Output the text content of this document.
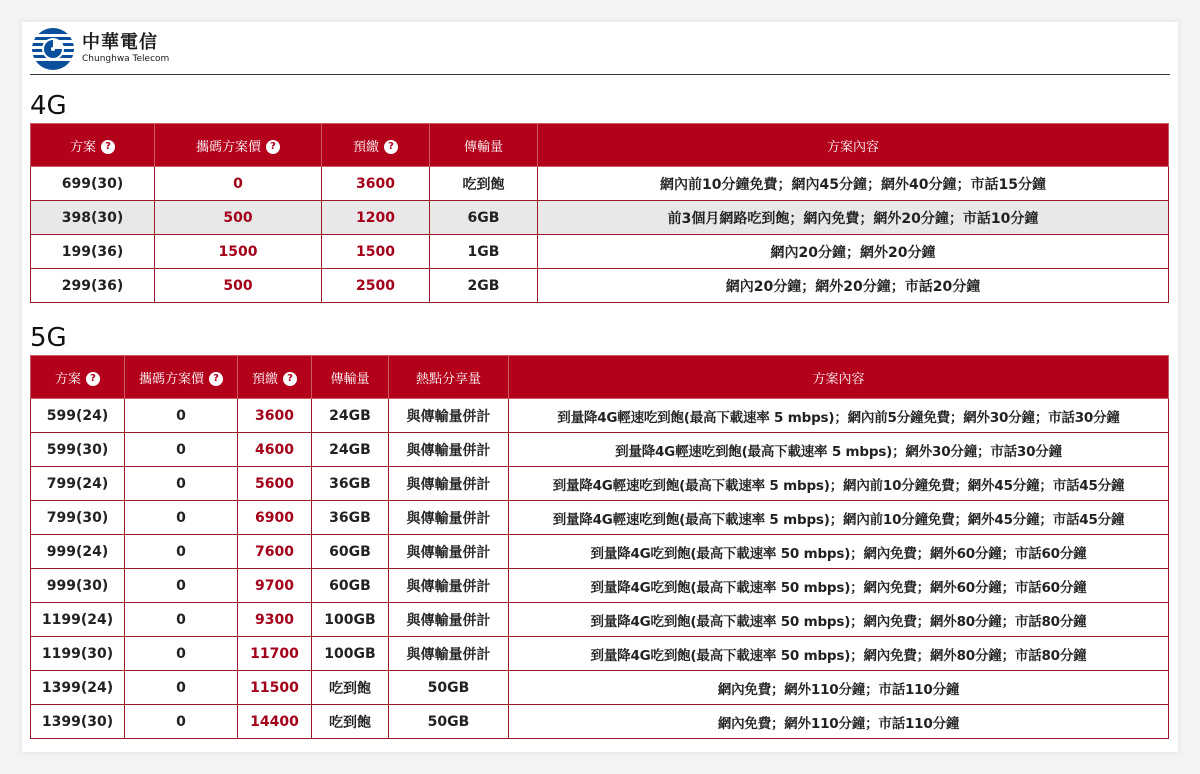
中華電信
Chunghwa Telecom
4G
方案 ?	攜碼方案價 ?	預繳 ?	傳輸量	方案內容
699(30)	0	3600	吃到飽	網內前10分鐘免費；網內45分鐘；網外40分鐘；市話15分鐘
398(30)	500	1200	6GB	前3個月網路吃到飽；網內免費；網外20分鐘；市話10分鐘
199(36)	1500	1500	1GB	網內20分鐘；網外20分鐘
299(36)	500	2500	2GB	網內20分鐘；網外20分鐘；市話20分鐘
5G
方案 ?	攜碼方案價 ?	預繳 ?	傳輸量	熱點分享量	方案內容
599(24)	0	3600	24GB	與傳輸量併計	到量降4G輕速吃到飽(最高下載速率 5 mbps)；網內前5分鐘免費；網外30分鐘；市話30分鐘
599(30)	0	4600	24GB	與傳輸量併計	到量降4G輕速吃到飽(最高下載速率 5 mbps)；網外30分鐘；市話30分鐘
799(24)	0	5600	36GB	與傳輸量併計	到量降4G輕速吃到飽(最高下載速率 5 mbps)；網內前10分鐘免費；網外45分鐘；市話45分鐘
799(30)	0	6900	36GB	與傳輸量併計	到量降4G輕速吃到飽(最高下載速率 5 mbps)；網內前10分鐘免費；網外45分鐘；市話45分鐘
999(24)	0	7600	60GB	與傳輸量併計	到量降4G吃到飽(最高下載速率 50 mbps)；網內免費；網外60分鐘；市話60分鐘
999(30)	0	9700	60GB	與傳輸量併計	到量降4G吃到飽(最高下載速率 50 mbps)；網內免費；網外60分鐘；市話60分鐘
1199(24)	0	9300	100GB	與傳輸量併計	到量降4G吃到飽(最高下載速率 50 mbps)；網內免費；網外80分鐘；市話80分鐘
1199(30)	0	11700	100GB	與傳輸量併計	到量降4G吃到飽(最高下載速率 50 mbps)；網內免費；網外80分鐘；市話80分鐘
1399(24)	0	11500	吃到飽	50GB	網內免費；網外110分鐘；市話110分鐘
1399(30)	0	14400	吃到飽	50GB	網內免費；網外110分鐘；市話110分鐘
